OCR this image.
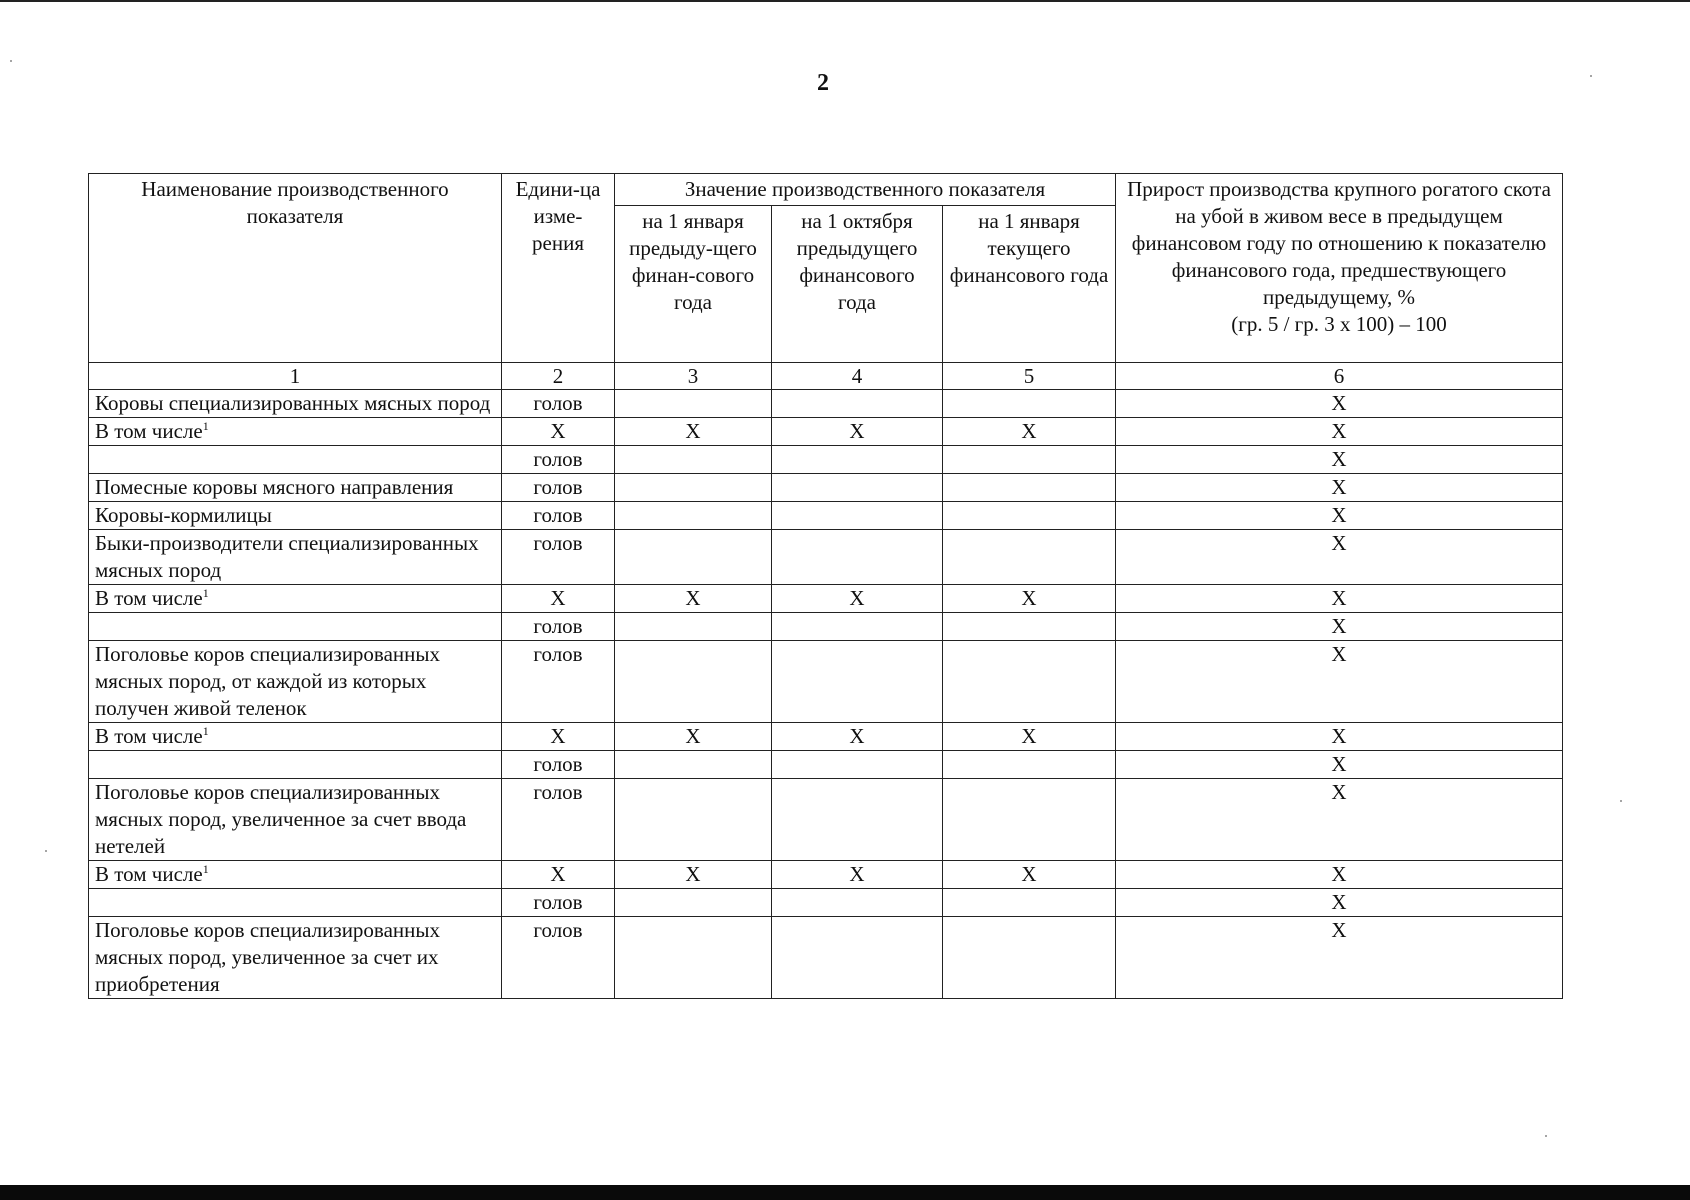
2
Наименование производственного показателя	Едини-ца изме-рения	Значение производственного показателя			Прирост производства крупного рогатого скота на убой в живом весе в предыдущем финансовом году по отношению к показателю финансового года, предшествующего предыдущему, %
(гр. 5 / гр. 3 х 100) – 100

		на 1 января предыду-щего финан-сового года	на 1 октября предыдущего финансового года	на 1 января текущего финансового года	
1	2	3	4	5	6
Коровы специализированных мясных пород	голов				Х
В том числе$^1$	Х	Х	Х	Х	Х
	голов				Х
Помесные коровы мясного направления	голов				Х
Коровы-кормилицы	голов				Х
Быки-производители специализированных мясных пород	голов				Х
В том числе$^1$	Х	Х	Х	Х	Х
	голов				Х
Поголовье коров специализированных мясных пород, от каждой из которых получен живой теленок	голов				Х
В том числе$^1$	Х	Х	Х	Х	Х
	голов				Х
Поголовье коров специализированных мясных пород, увеличенное за счет ввода нетелей	голов				Х
В том числе$^1$	Х	Х	Х	Х	Х
	голов				Х
Поголовье коров специализированных мясных пород, увеличенное за счет их приобретения	голов				Х
